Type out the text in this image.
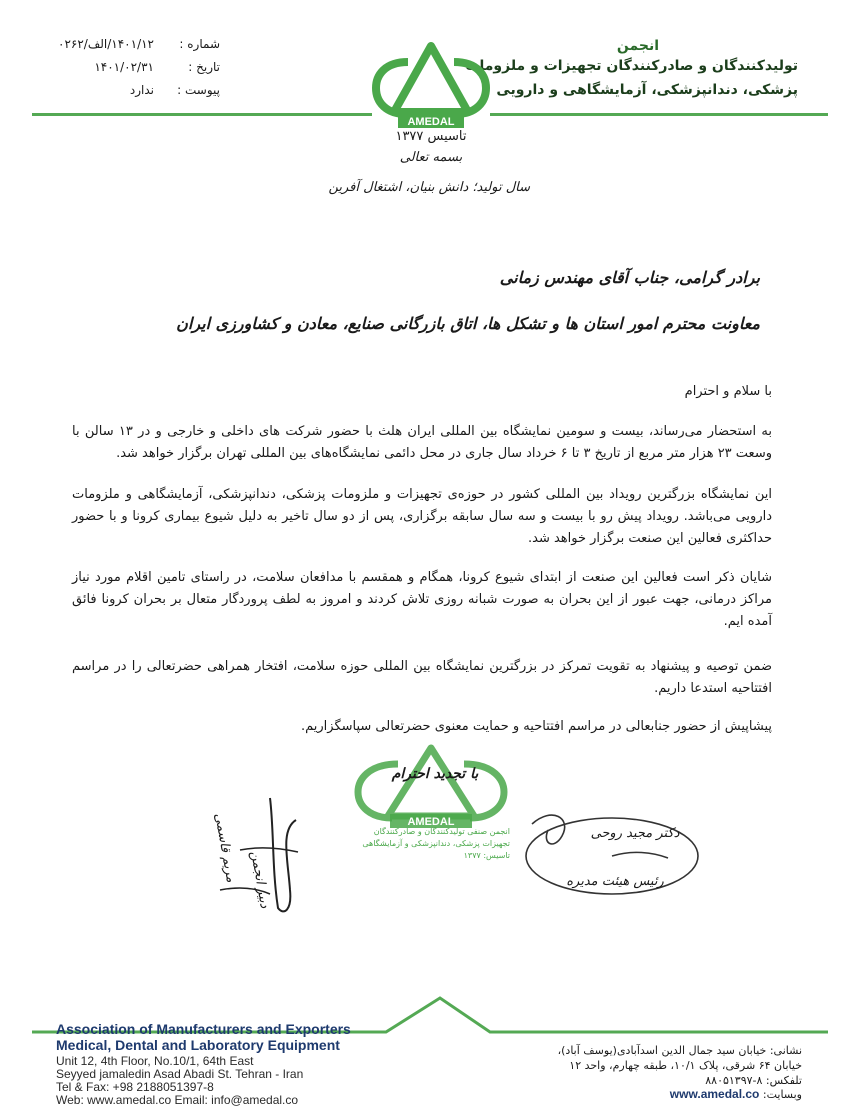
شماره :
۱۴۰۱/۱۲/الف/۰۲۶۲
تاریخ :
۱۴۰۱/۰۲/۳۱
پیوست :
ندارد
انجمن
تولیدکنندگان و صادرکنندگان تجهیزات و ملزومات
پزشکی، دندانپزشکی، آزمایشگاهی و دارویی
AMEDAL
تاسیس ۱۳۷۷
بسمه تعالی
سال تولید؛ دانش بنیان، اشتغال آفرین
برادر گرامی، جناب آقای مهندس زمانی
معاونت محترم امور استان ها و تشکل ها، اتاق بازرگانی صنایع، معادن و کشاورزی ایران
با سلام و احترام
به استحضار می‌رساند، بیست و سومین نمایشگاه بین المللی ایران هلث با حضور شرکت های داخلی و خارجی و در ۱۳ سالن با وسعت ۲۳ هزار متر مربع از تاریخ ۳ تا ۶ خرداد سال جاری در محل دائمی نمایشگاه‌های بین المللی تهران برگزار خواهد شد.
این نمایشگاه بزرگترین رویداد بین المللی کشور در حوزه‌ی تجهیزات و ملزومات پزشکی، دندانپزشکی، آزمایشگاهی و ملزومات دارویی می‌باشد. رویداد پیش رو با بیست و سه سال سابقه برگزاری، پس از دو سال تاخیر به دلیل شیوع بیماری کرونا و با حضور حداکثری فعالین این صنعت برگزار خواهد شد.
شایان ذکر است فعالین این صنعت از ابتدای شیوع کرونا، همگام و همقسم با مدافعان سلامت، در راستای تامین اقلام مورد نیاز مراکز درمانی، جهت عبور از این بحران به صورت شبانه روزی تلاش کردند و امروز به لطف پروردگار متعال بر بحران کرونا فائق آمده ایم.
ضمن توصیه و پیشنهاد به تقویت تمرکز در بزرگترین نمایشگاه بین المللی حوزه سلامت، افتخار همراهی حضرتعالی را در مراسم افتتاحیه استدعا داریم.
پیشاپیش از حضور جنابعالی در مراسم افتتاحیه و حمایت معنوی حضرتعالی سپاسگزاریم.
مریم قاسمی دبیر انجمن
AMEDAL
با تجدید احترام
انجمن صنفی تولیدکنندگان و صادرکنندگان
تجهیزات پزشکی، دندانپزشکی و آزمایشگاهی
تاسیس: ۱۳۷۷
دکتر مجید روحی
رئیس هیئت مدیره
Association of Manufacturers and Exporters
Medical, Dental and Laboratory Equipment
Unit 12, 4th Floor, No.10/1, 64th East
Seyyed jamaledin Asad Abadi St. Tehran - Iran
Tel & Fax: +98 2188051397-8
Web: www.amedal.co Email: info@amedal.co
نشانی: خیابان سید جمال الدین اسدآبادی(یوسف آباد)،
خیابان ۶۴ شرقی، پلاک ۱۰/۱، طبقه چهارم، واحد ۱۲
تلفکس: ۸-۸۸۰۵۱۳۹۷
وبسایت: www.amedal.co
